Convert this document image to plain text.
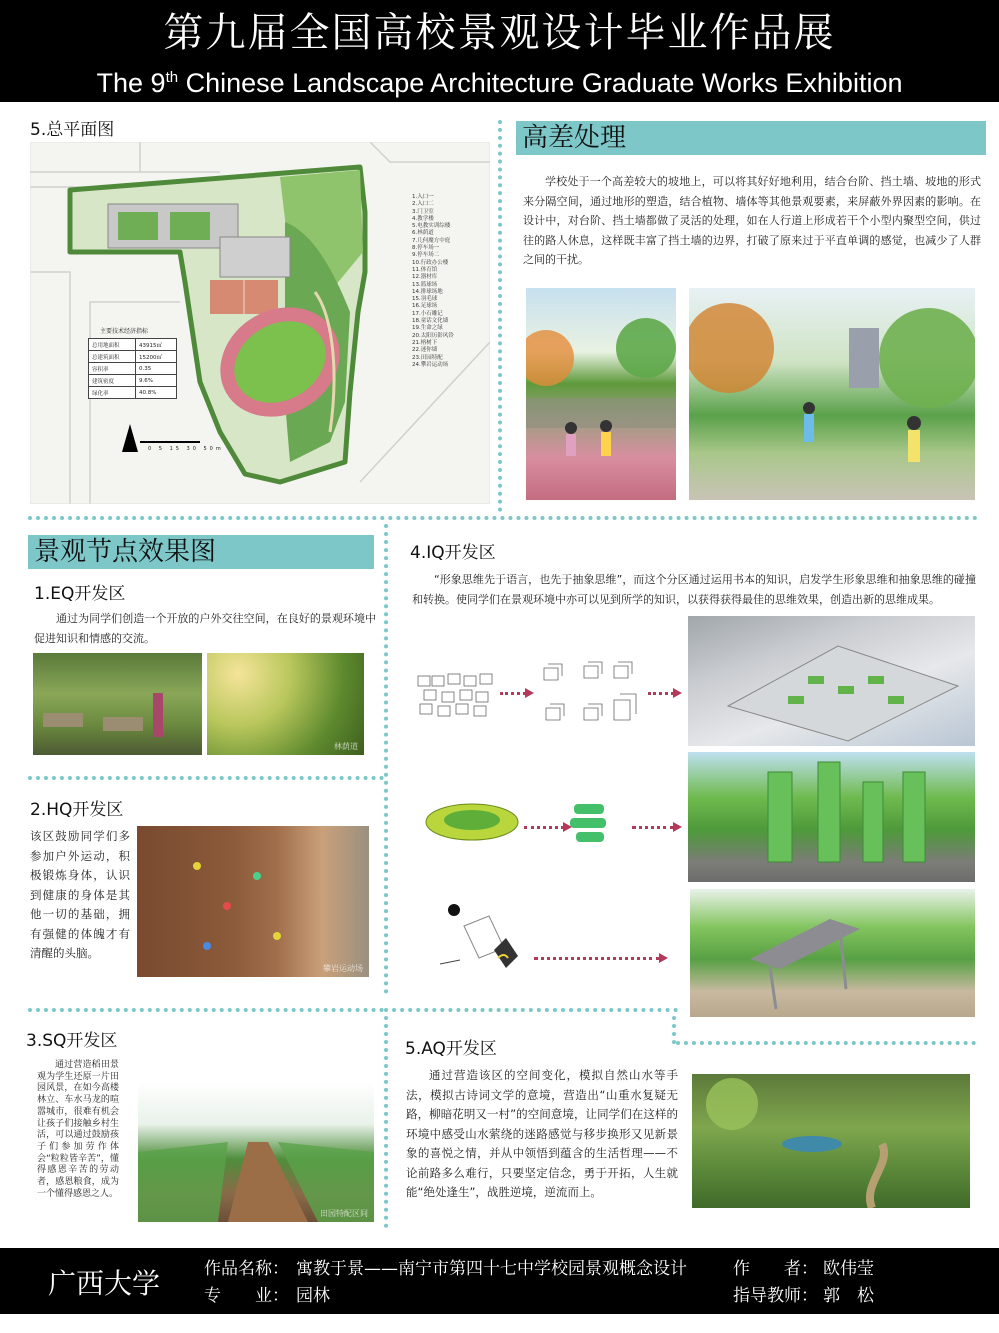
第九届全国高校景观设计毕业作品展
The 9th Chinese Landscape Architecture Graduate Works Exhibition
5.总平面图
1.入口一
2.入口二
3.门卫室
4.教学楼
5.电教实训综楼
6.林荫道
7.几何魔方中庭
8.停车场一
9.停车场二
10.行政办公楼
11.体育馆
12.器材库
13.篮球场
14.排球场地
15.羽毛球
16.足球场
17.小石雕记
18.童话文化墙
19.生命之绿
20.太阳历影风铃
21.榕树下
22.迷你墙
23.田园特配
24.攀岩运动场
主要技术经济指标
总用地面积	43915㎡
总建筑面积	15200㎡
容积率	0.35
建筑密度	9.6%
绿化率	40.8%
0 5 15 30 50m
高差处理
学校处于一个高差较大的坡地上，可以将其好好地利用，结合台阶、挡土墙、坡地的形式来分隔空间，通过地形的塑造，结合植物、墙体等其他景观要素，来屏蔽外界因素的影响。在设计中，对台阶、挡土墙都做了灵活的处理，如在人行道上形成若干个小型内聚型空间，供过往的路人休息，这样既丰富了挡土墙的边界，打破了原来过于平直单调的感觉，也减少了人群之间的干扰。
景观节点效果图
1.EQ开发区
通过为同学们创造一个开放的户外交往空间，在良好的景观环境中促进知识和情感的交流。
林荫道
2.HQ开发区
该区鼓励同学们多参加户外运动，积极锻炼身体，认识到健康的身体是其他一切的基础，拥有强健的体魄才有清醒的头脑。
攀岩运动场
3.SQ开发区
通过营造稻田景观为学生还原一片田园风景，在如今高楼林立、车水马龙的喧嚣城市，很难有机会让孩子们接触乡村生活，可以通过鼓励孩子们参加劳作体会“粒粒皆辛苦”，懂得感恩辛苦的劳动者，感恩粮食，成为一个懂得感恩之人。
田园特配区间
4.IQ开发区
“形象思维先于语言，也先于抽象思维”，而这个分区通过运用书本的知识，启发学生形象思维和抽象思维的碰撞和转换。使同学们在景观环境中亦可以见到所学的知识，以获得获得最佳的思维效果，创造出新的思维成果。
5.AQ开发区
通过营造该区的空间变化，模拟自然山水等手法，模拟古诗词文学的意境，营造出“山重水复疑无路，柳暗花明又一村”的空间意境，让同学们在这样的环境中感受山水萦绕的迷路感觉与移步换形又见新景象的喜悦之情，并从中领悟到蕴含的生活哲理——不论前路多么难行，只要坚定信念，勇于开拓，人生就能“绝处逢生”，战胜逆境，逆流而上。
广西大学	作品名称： 寓教于景——南宁市第四十七中学校园景观概念设计
专　　业： 园林
作　　者： 欧伟莹
指导教师： 郭　松
